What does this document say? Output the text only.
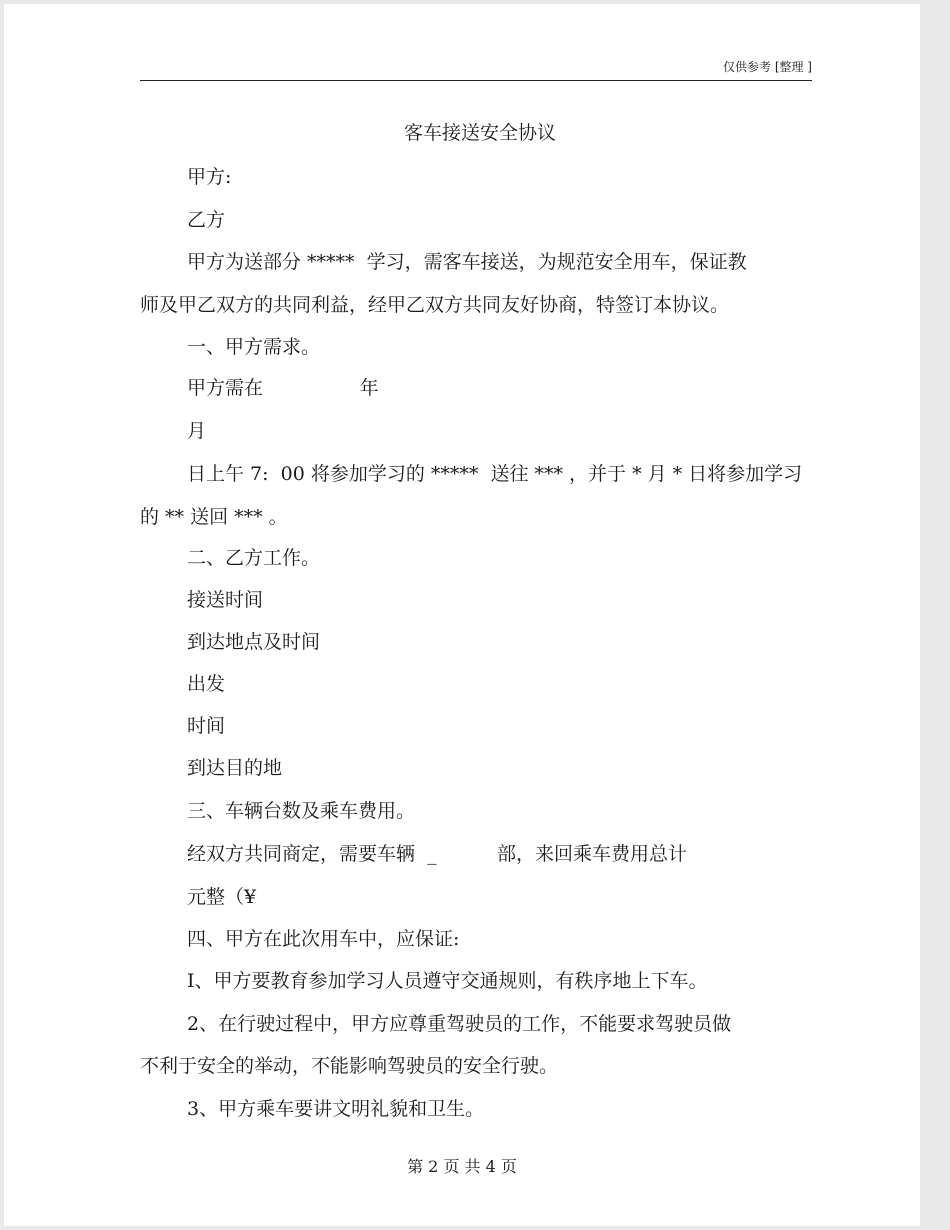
仅供参考 [整理 ]
客车接送安全协议
甲方:
乙方
甲方为送部分 *****  学习，需客车接送，为规范安全用车，保证教
师及甲乙双方的共同利益，经甲乙双方共同友好协商，特签订本协议。
一、甲方需求。
甲方需在                年
月
日上午 7:  00 将参加学习的 *****  送往 *** ，并于 * 月 * 日将参加学习
的 ** 送回 *** 。
二、乙方工作。
接送时间
到达地点及时间
出发
时间
到达目的地
三、车辆台数及乘车费用。
经双方共同商定，需要车辆  _          部，来回乘车费用总计
元整（¥
四、甲方在此次用车中，应保证:
I、甲方要教育参加学习人员遵守交通规则，有秩序地上下车。
2、在行驶过程中，甲方应尊重驾驶员的工作，不能要求驾驶员做
不利于安全的举动，不能影响驾驶员的安全行驶。
3、甲方乘车要讲文明礼貌和卫生。
第 2 页 共 4 页
